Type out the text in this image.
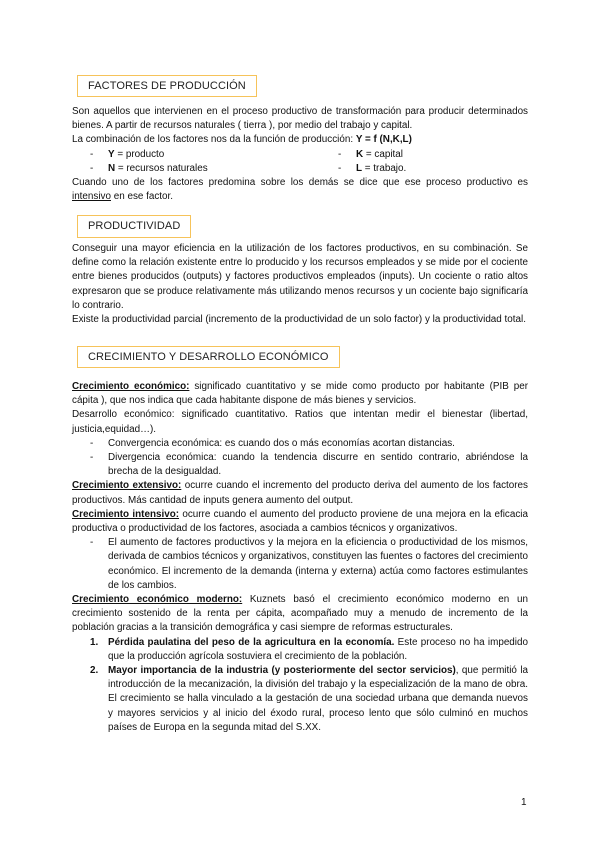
FACTORES DE PRODUCCIÓN

Son aquellos que intervienen en el proceso productivo de transformación para producir determinados bienes. A partir de recursos naturales ( tierra ), por medio del trabajo y capital.

La combinación de los factores nos da la función de producción: Y = f (N,K,L)

- Y = producto	- K = capital
- N = recursos naturales	- L = trabajo.

Cuando uno de los factores predomina sobre los demás se dice que ese proceso productivo es intensivo en ese factor.

PRODUCTIVIDAD

Conseguir una mayor eficiencia en la utilización de los factores productivos, en su combinación. Se define como la relación existente entre lo producido y los recursos empleados y se mide por el cociente entre bienes producidos (outputs) y factores productivos empleados (inputs). Un cociente o ratio altos expresaron que se produce relativamente más utilizando menos recursos y un cociente bajo significaría lo contrario.

Existe la productividad parcial (incremento de la productividad de un solo factor) y la productividad total.

CRECIMIENTO Y DESARROLLO ECONÓMICO

Crecimiento económico: significado cuantitativo y se mide como producto por habitante (PIB per cápita ), que nos indica que cada habitante dispone de más bienes y servicios.

Desarrollo económico: significado cuantitativo. Ratios que intentan medir el bienestar (libertad, justicia,equidad…).

- Convergencia económica: es cuando dos o más economías acortan distancias.
- Divergencia económica: cuando la tendencia discurre en sentido contrario, abriéndose la brecha de la desigualdad.

Crecimiento extensivo: ocurre cuando el incremento del producto deriva del aumento de los factores productivos. Más cantidad de inputs genera aumento del output.

Crecimiento intensivo: ocurre cuando el aumento del producto proviene de una mejora en la eficacia productiva o productividad de los factores, asociada a cambios técnicos y organizativos.

- El aumento de factores productivos y la mejora en la eficiencia o productividad de los mismos, derivada de cambios técnicos y organizativos, constituyen las fuentes o factores del crecimiento económico. El incremento de la demanda (interna y externa) actúa como factores estimulantes de los cambios.

Crecimiento económico moderno: Kuznets basó el crecimiento económico moderno en un crecimiento sostenido de la renta per cápita, acompañado muy a menudo de incremento de la población gracias a la transición demográfica y casi siempre de reformas estructurales.

1. Pérdida paulatina del peso de la agricultura en la economía. Este proceso no ha impedido que la producción agrícola sostuviera el crecimiento de la población.
2. Mayor importancia de la industria (y posteriormente del sector servicios), que permitió la introducción de la mecanización, la división del trabajo y la especialización de la mano de obra. El crecimiento se halla vinculado a la gestación de una sociedad urbana que demanda nuevos y mayores servicios y al inicio del éxodo rural, proceso lento que sólo culminó en muchos países de Europa en la segunda mitad del S.XX.
1
